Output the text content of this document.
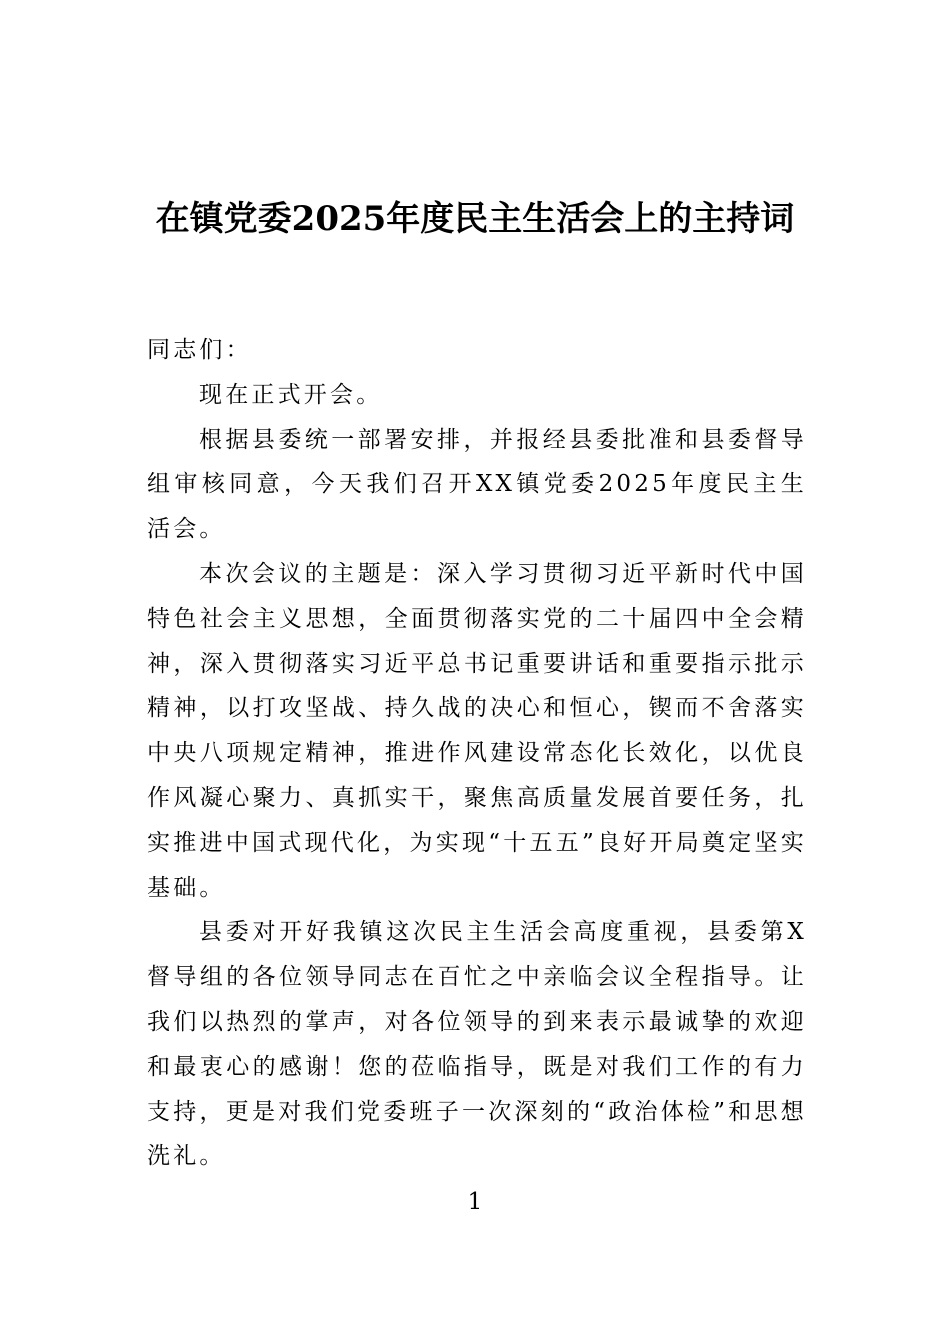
在镇党委2025年度民主生活会上的主持词

同志们：

现在正式开会。

根据县委统一部署安排，并报经县委批准和县委督导组审核同意，今天我们召开XX镇党委2025年度民主生活会。

本次会议的主题是：深入学习贯彻习近平新时代中国特色社会主义思想，全面贯彻落实党的二十届四中全会精神，深入贯彻落实习近平总书记重要讲话和重要指示批示精神，以打攻坚战、持久战的决心和恒心，锲而不舍落实中央八项规定精神，推进作风建设常态化长效化，以优良作风凝心聚力、真抓实干，聚焦高质量发展首要任务，扎实推进中国式现代化，为实现“十五五”良好开局奠定坚实基础。

县委对开好我镇这次民主生活会高度重视，县委第X督导组的各位领导同志在百忙之中亲临会议全程指导。让我们以热烈的掌声，对各位领导的到来表示最诚挚的欢迎和最衷心的感谢！您的莅临指导，既是对我们工作的有力支持，更是对我们党委班子一次深刻的“政治体检”和思想洗礼。

1
